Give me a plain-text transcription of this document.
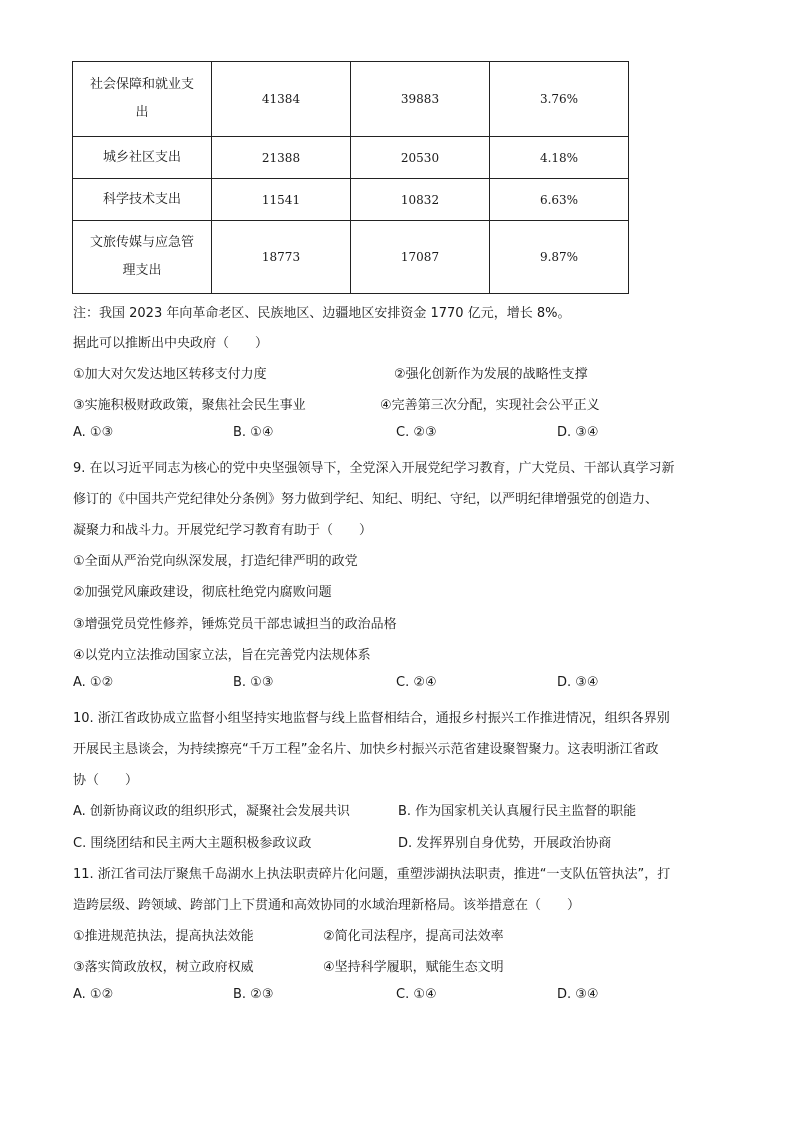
社会保障和就业支
出	41384	39883	3.76%
城乡社区支出	21388	20530	4.18%
科学技术支出	11541	10832	6.63%
文旅传媒与应急管
理支出	18773	17087	9.87%
注：我国 2023 年向革命老区、民族地区、边疆地区安排资金 1770 亿元，增长 8%。
据此可以推断出中央政府（　　）
①加大对欠发达地区转移支付力度	②强化创新作为发展的战略性支撑
③实施积极财政政策，聚焦社会民生事业	④完善第三次分配，实现社会公平正义
A. ①③	B. ①④	C. ②③	D. ③④
9. 在以习近平同志为核心的党中央坚强领导下，全党深入开展党纪学习教育，广大党员、干部认真学习新
修订的《中国共产党纪律处分条例》努力做到学纪、知纪、明纪、守纪，以严明纪律增强党的创造力、
凝聚力和战斗力。开展党纪学习教育有助于（　　）
①全面从严治党向纵深发展，打造纪律严明的政党
②加强党风廉政建设，彻底杜绝党内腐败问题
③增强党员党性修养，锤炼党员干部忠诚担当的政治品格
④以党内立法推动国家立法，旨在完善党内法规体系
A. ①②	B. ①③	C. ②④	D. ③④
10. 浙江省政协成立监督小组坚持实地监督与线上监督相结合，通报乡村振兴工作推进情况，组织各界别
开展民主恳谈会，为持续擦亮“千万工程”金名片、加快乡村振兴示范省建设聚智聚力。这表明浙江省政
协（　　）
A. 创新协商议政的组织形式，凝聚社会发展共识	B. 作为国家机关认真履行民主监督的职能
C. 围绕团结和民主两大主题积极参政议政	D. 发挥界别自身优势，开展政治协商
11. 浙江省司法厅聚焦千岛湖水上执法职责碎片化问题，重塑涉湖执法职责，推进“一支队伍管执法”，打
造跨层级、跨领域、跨部门上下贯通和高效协同的水域治理新格局。该举措意在（　　）
①推进规范执法，提高执法效能	②简化司法程序，提高司法效率
③落实简政放权，树立政府权威	④坚持科学履职，赋能生态文明
A. ①②	B. ②③	C. ①④	D. ③④
